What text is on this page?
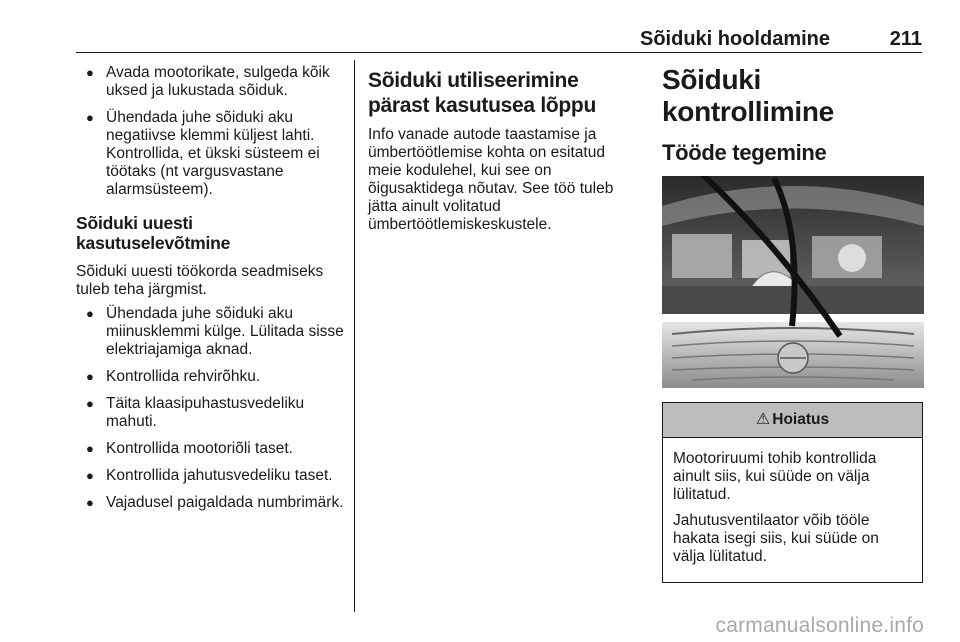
Sõiduki hooldamine	211
● Avada mootorikate, sulgeda kõik uksed ja lukustada sõiduk.
● Ühendada juhe sõiduki aku negatiivse klemmi küljest lahti. Kontrollida, et ükski süsteem ei töötaks (nt vargusvastane alarmsüsteem).
Sõiduki uuesti kasutuselevõtmine

Sõiduki uuesti töökorda seadmiseks tuleb teha järgmist.

● Ühendada juhe sõiduki aku miinusklemmi külge. Lülitada sisse elektriajamiga aknad.
● Kontrollida rehvirõhku.
● Täita klaasipuhastusvedeliku mahuti.
● Kontrollida mootoriõli taset.
● Kontrollida jahutusvedeliku taset.
● Vajadusel paigaldada numbrimärk.
Sõiduki utiliseerimine pärast kasutusea lõppu

Info vanade autode taastamise ja ümbertöötlemise kohta on esitatud meie kodulehel, kui see on õigusaktidega nõutav. See töö tuleb jätta ainult volitatud ümbertöötlemiskeskustele.

Sõiduki kontrollimine
Tööde tegemine
⚠ Hoiatus

Mootoriruumi tohib kontrollida ainult siis, kui süüde on välja lülitatud.

Jahutusventilaator võib tööle hakata isegi siis, kui süüde on välja lülitatud.

carmanualsonline.info
